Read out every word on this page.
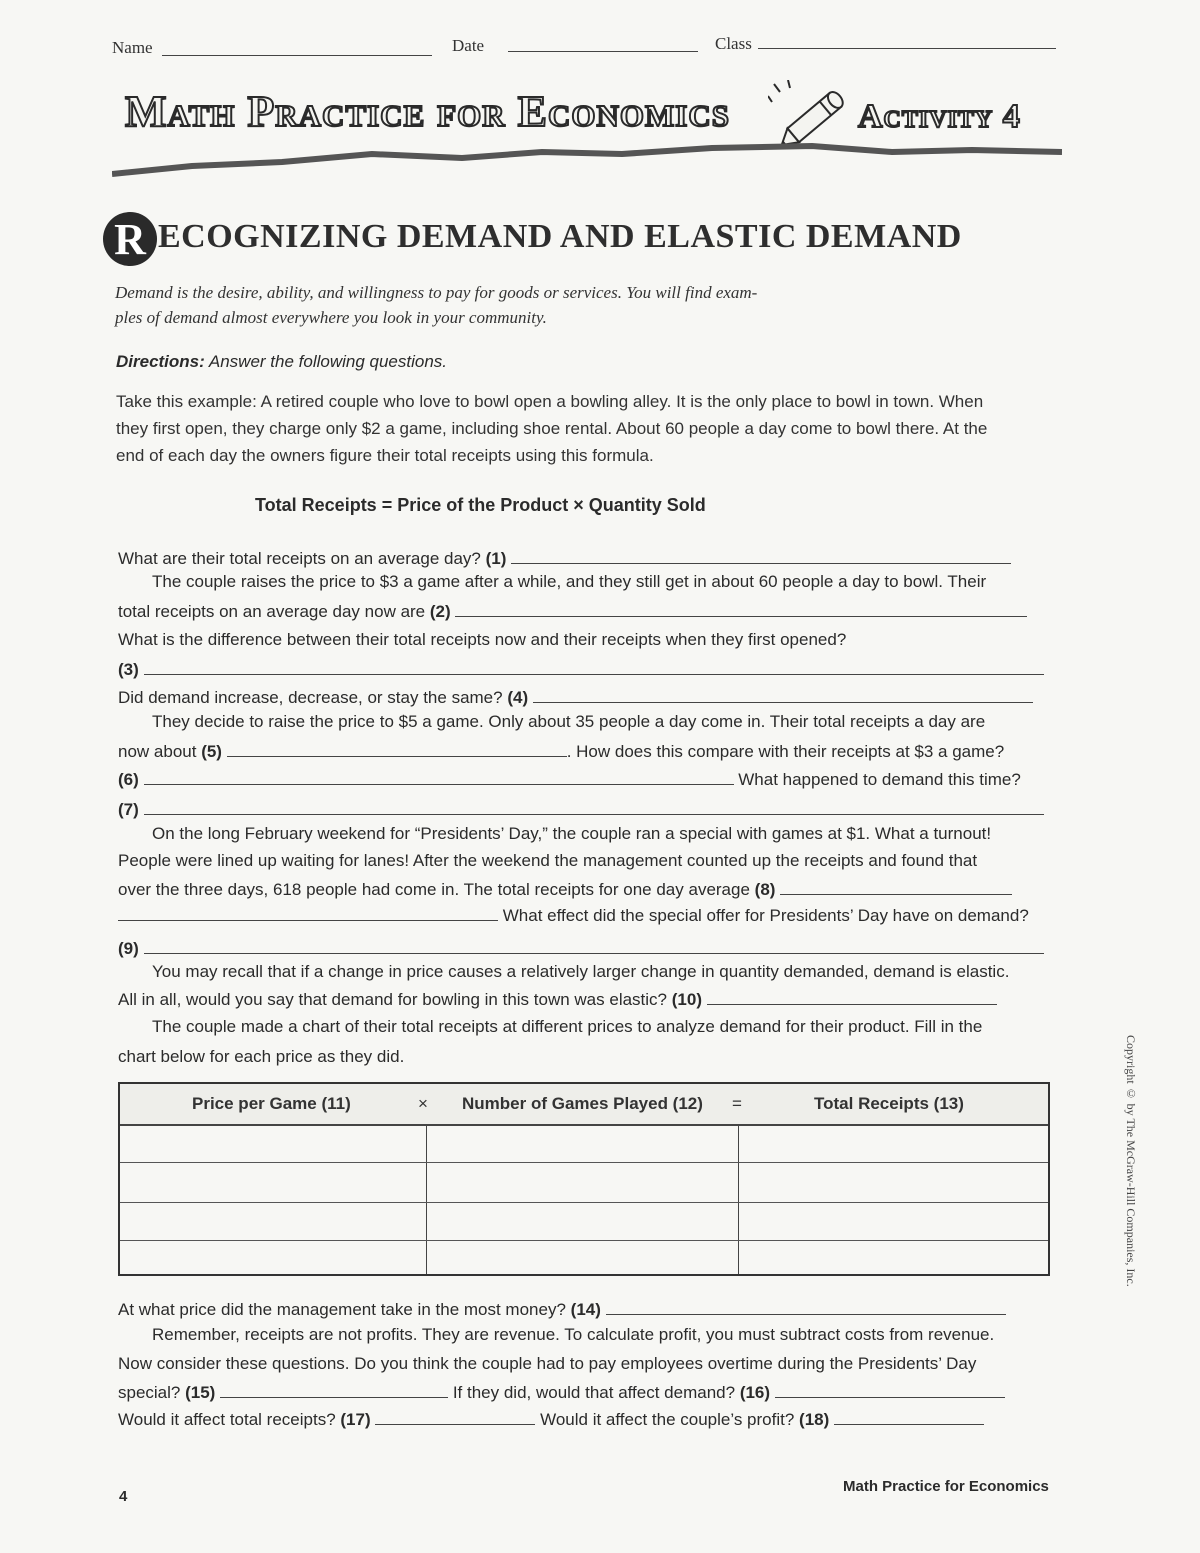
Name	Date	Class
Math Practice for Economics	Activity 4
R ECOGNIZING DEMAND AND ELASTIC DEMAND
Demand is the desire, ability, and willingness to pay for goods or services. You will find exam-
ples of demand almost everywhere you look in your community.
Directions: Answer the following questions.
Take this example: A retired couple who love to bowl open a bowling alley. It is the only place to bowl in town. When
they first open, they charge only $2 a game, including shoe rental. About 60 people a day come to bowl there. At the
end of each day the owners figure their total receipts using this formula.
Total Receipts = Price of the Product × Quantity Sold
What are their total receipts on an average day? (1)
The couple raises the price to $3 a game after a while, and they still get in about 60 people a day to bowl. Their
total receipts on an average day now are (2)
What is the difference between their total receipts now and their receipts when they first opened?
(3)
Did demand increase, decrease, or stay the same? (4)
They decide to raise the price to $5 a game. Only about 35 people a day come in. Their total receipts a day are
now about (5)	. How does this compare with their receipts at $3 a game?
(6)	What happened to demand this time?
(7)
On the long February weekend for “Presidents’ Day,” the couple ran a special with games at $1. What a turnout!
People were lined up waiting for lanes! After the weekend the management counted up the receipts and found that
over the three days, 618 people had come in. The total receipts for one day average (8)
What effect did the special offer for Presidents’ Day have on demand?
(9)
You may recall that if a change in price causes a relatively larger change in quantity demanded, demand is elastic.
All in all, would you say that demand for bowling in this town was elastic? (10)
The couple made a chart of their total receipts at different prices to analyze demand for their product. Fill in the
chart below for each price as they did.
Price per Game (11)	× Number of Games Played (12) =	Total Receipts (13)
At what price did the management take in the most money? (14)
Remember, receipts are not profits. They are revenue. To calculate profit, you must subtract costs from revenue.
Now consider these questions. Do you think the couple had to pay employees overtime during the Presidents’ Day
special? (15)	If they did, would that affect demand? (16)
Would it affect total receipts? (17)	Would it affect the couple’s profit? (18)
Copyright © by The McGraw-Hill Companies, Inc.
4
Math Practice for Economics
